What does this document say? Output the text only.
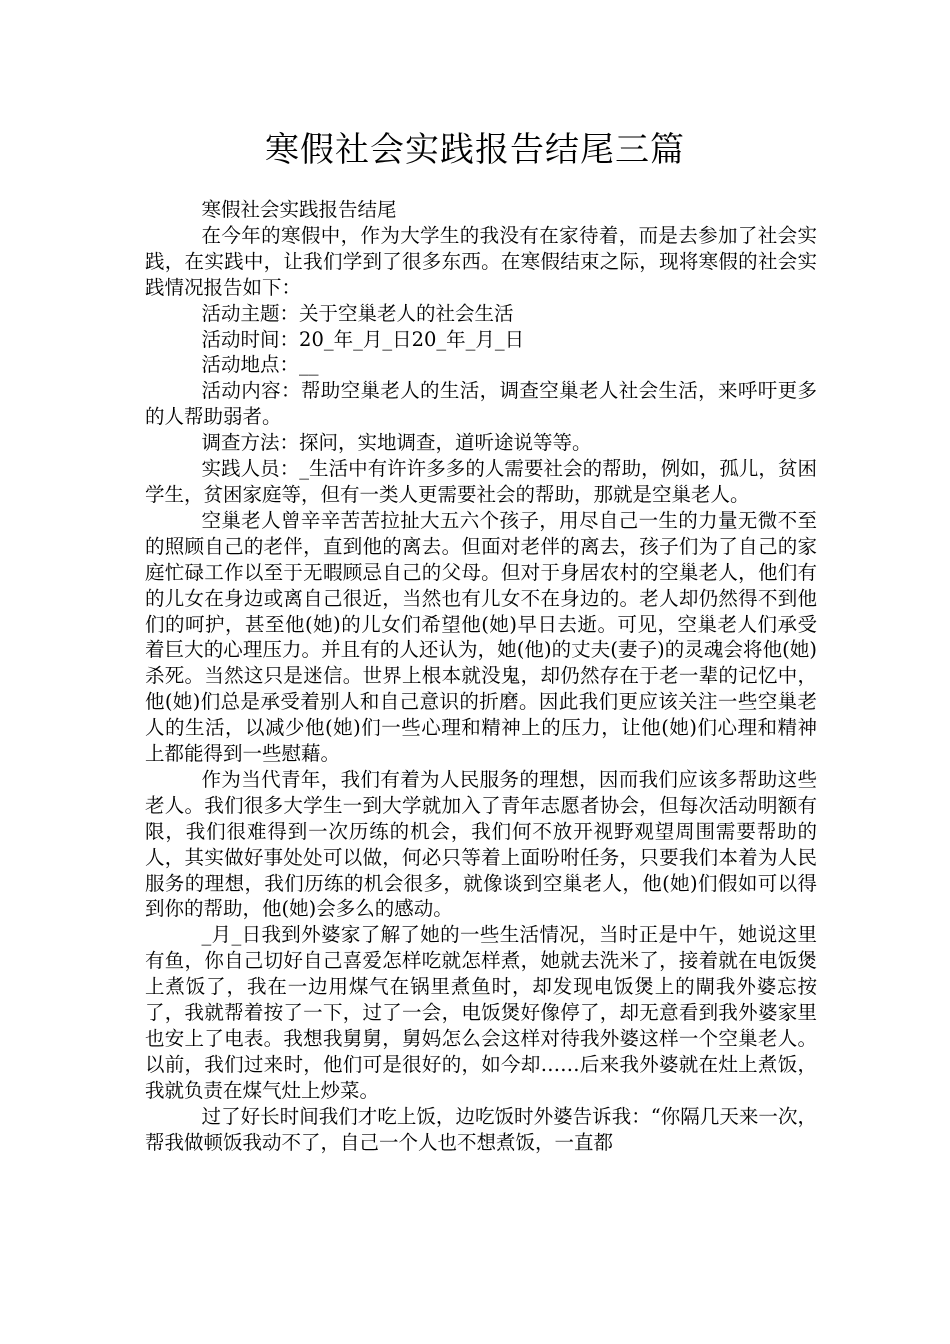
寒假社会实践报告结尾三篇

寒假社会实践报告结尾

在今年的寒假中，作为大学生的我没有在家待着，而是去参加了社会实践，在实践中，让我们学到了很多东西。在寒假结束之际，现将寒假的社会实践情况报告如下：

活动主题：关于空巢老人的社会生活

活动时间：20_年_月_日20_年_月_日

活动地点：__

活动内容：帮助空巢老人的生活，调查空巢老人社会生活，来呼吁更多的人帮助弱者。

调查方法：探问，实地调查，道听途说等等。

实践人员：_生活中有许许多多的人需要社会的帮助，例如，孤儿，贫困学生，贫困家庭等，但有一类人更需要社会的帮助，那就是空巢老人。

空巢老人曾辛辛苦苦拉扯大五六个孩子，用尽自己一生的力量无微不至的照顾自己的老伴，直到他的离去。但面对老伴的离去，孩子们为了自己的家庭忙碌工作以至于无暇顾忌自己的父母。但对于身居农村的空巢老人，他们有的儿女在身边或离自己很近，当然也有儿女不在身边的。老人却仍然得不到他们的呵护，甚至他(她)的儿女们希望他(她)早日去逝。可见，空巢老人们承受着巨大的心理压力。并且有的人还认为，她(他)的丈夫(妻子)的灵魂会将他(她)杀死。当然这只是迷信。世界上根本就没鬼，却仍然存在于老一辈的记忆中，他(她)们总是承受着别人和自己意识的折磨。因此我们更应该关注一些空巢老人的生活，以减少他(她)们一些心理和精神上的压力，让他(她)们心理和精神上都能得到一些慰藉。

作为当代青年，我们有着为人民服务的理想，因而我们应该多帮助这些老人。我们很多大学生一到大学就加入了青年志愿者协会，但每次活动明额有限，我们很难得到一次历练的机会，我们何不放开视野观望周围需要帮助的人，其实做好事处处可以做，何必只等着上面吩咐任务，只要我们本着为人民服务的理想，我们历练的机会很多，就像谈到空巢老人，他(她)们假如可以得到你的帮助，他(她)会多么的感动。

_月_日我到外婆家了解了她的一些生活情况，当时正是中午，她说这里有鱼，你自己切好自己喜爱怎样吃就怎样煮，她就去洗米了，接着就在电饭煲上煮饭了，我在一边用煤气在锅里煮鱼时，却发现电饭煲上的閘我外婆忘按了，我就帮着按了一下，过了一会，电饭煲好像停了，却无意看到我外婆家里也安上了电表。我想我舅舅，舅妈怎么会这样对待我外婆这样一个空巢老人。以前，我们过来时，他们可是很好的，如今却……后来我外婆就在灶上煮饭，我就负责在煤气灶上炒菜。

过了好长时间我们才吃上饭，边吃饭时外婆告诉我：“你隔几天来一次，帮我做顿饭我动不了，自己一个人也不想煮饭，一直都
